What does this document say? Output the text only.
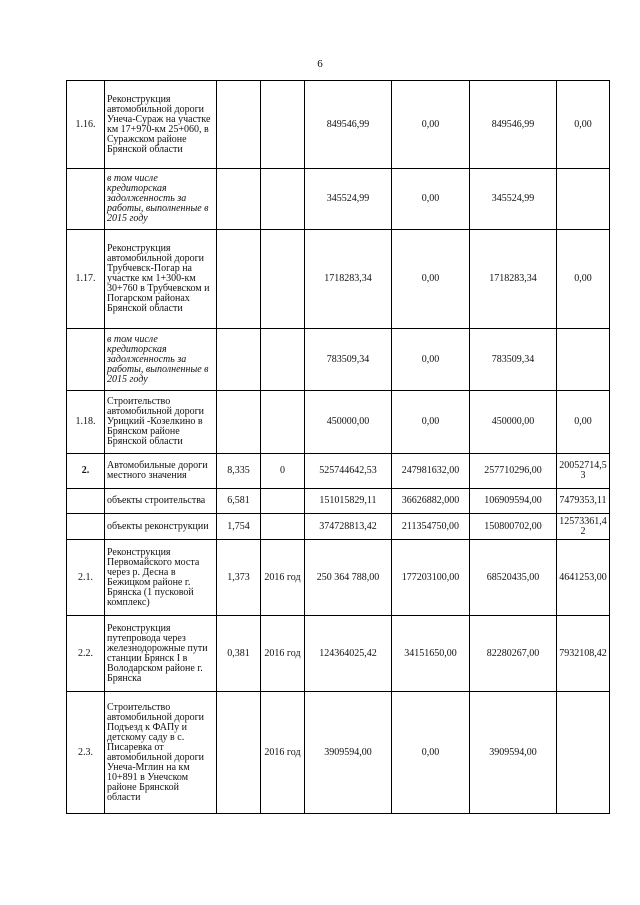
6
1.16.	Реконструкция автомобильной дороги Унеча-Сураж на участке км 17+970-км 25+060, в Суражском районе Брянской области			849546,99	0,00	849546,99	0,00
	в том числе кредиторская задолженность за работы, выполненные в 2015 году			345524,99	0,00	345524,99	
1.17.	Реконструкция автомобильной дороги Трубчевск-Погар на участке км 1+300-км 30+760 в Трубчевском и Погарском районах Брянской области			1718283,34	0,00	1718283,34	0,00
	в том числе кредиторская задолженность за работы, выполненные в 2015 году			783509,34	0,00	783509,34	
1.18.	Строительство автомобильной дороги Урицкий -Козелкино в Брянском районе Брянской области			450000,00	0,00	450000,00	0,00
2.	Автомобильные дороги местного значения	8,335	0	525744642,53	247981632,00	257710296,00	20052714,53
	объекты строительства	6,581		151015829,11	36626882,000	106909594,00	7479353,11
	объекты реконструкции	1,754		374728813,42	211354750,00	150800702,00	12573361,42
2.1.	Реконструкция Первомайского моста через р. Десна в Бежицком районе г. Брянска (1 пусковой комплекс)	1,373	2016 год	250 364 788,00	177203100,00	68520435,00	4641253,00
2.2.	Реконструкция путепровода через железнодорожные пути станции Брянск I в Володарском районе г. Брянска	0,381	2016 год	124364025,42	34151650,00	82280267,00	7932108,42
2.3.	Строительство автомобильной дороги Подъезд к ФАПу и детскому саду в с. Писаревка от автомобильной дороги Унеча-Мглин на км 10+891 в Унечском районе Брянской области		2016 год	3909594,00	0,00	3909594,00	
